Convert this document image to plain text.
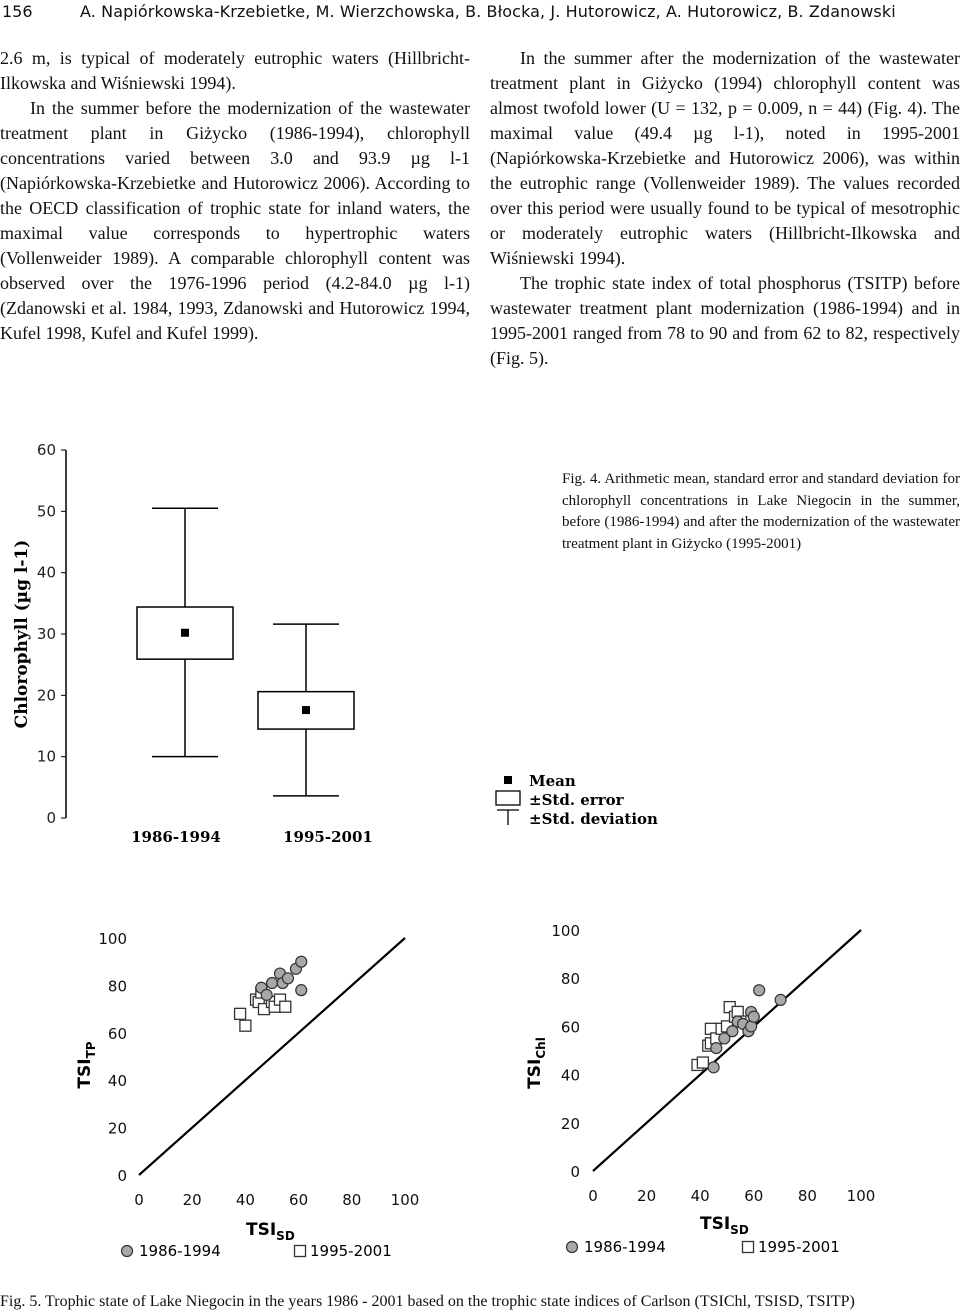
156	A. Napiórkowska-Krzebietke, M. Wierzchowska, B. Błocka, J. Hutorowicz, A. Hutorowicz, B. Zdanowski

2.6 m, is typical of moderately eutrophic waters (Hillbricht-Ilkowska and Wiśniewski 1994).

In the summer before the modernization of the wastewater treatment plant in Giżycko (1986-1994), chlorophyll concentrations varied between 3.0 and 93.9 µg l-1 (Napiórkowska-Krzebietke and Hutorowicz 2006). According to the OECD classification of trophic state for inland waters, the maximal value corresponds to hypertrophic waters (Vollenweider 1989). A comparable chlorophyll content was observed over the 1976-1996 period (4.2-84.0 µg l-1) (Zdanowski et al. 1984, 1993, Zdanowski and Hutorowicz 1994, Kufel 1998, Kufel and Kufel 1999).

In the summer after the modernization of the wastewater treatment plant in Giżycko (1994) chlorophyll content was almost twofold lower (U = 132, p = 0.009, n = 44) (Fig. 4). The maximal value (49.4 µg l-1), noted in 1995-2001 (Napiórkowska-Krzebietke and Hutorowicz 2006), was within the eutrophic range (Vollenweider 1989). The values recorded over this period were usually found to be typical of mesotrophic or moderately eutrophic waters (Hillbricht-Ilkowska and Wiśniewski 1994).

The trophic state index of total phosphorus (TSITP) before wastewater treatment plant modernization (1986-1994) and in 1995-2001 ranged from 78 to 90 and from 62 to 82, respectively (Fig. 5).

0
10
20
30
40
50
60
Chlorophyll (µg l-1)
1986-1994	1995-2001
Mean
±Std. error
±Std. deviation
Fig. 4. Arithmetic mean, standard error and standard deviation for chlorophyll concentrations in Lake Niegocin in the summer, before (1986-1994) and after the modernization of the wastewater treatment plant in Giżycko (1995-2001)
0
20
40
60
80
100
0	20 40 60 80 100
$TSI_{SD}$
$TSI_{TP}$
1986-1994	1995-2001
0
20
40
60
80
100
0	20 40 60 80 100
$TSI_{SD}$
$TSI_{Chl}$
1986-1994	1995-2001
Fig. 5. Trophic state of Lake Niegocin in the years 1986 - 2001 based on the trophic state indices of Carlson (TSIChl, TSISD, TSITP)
